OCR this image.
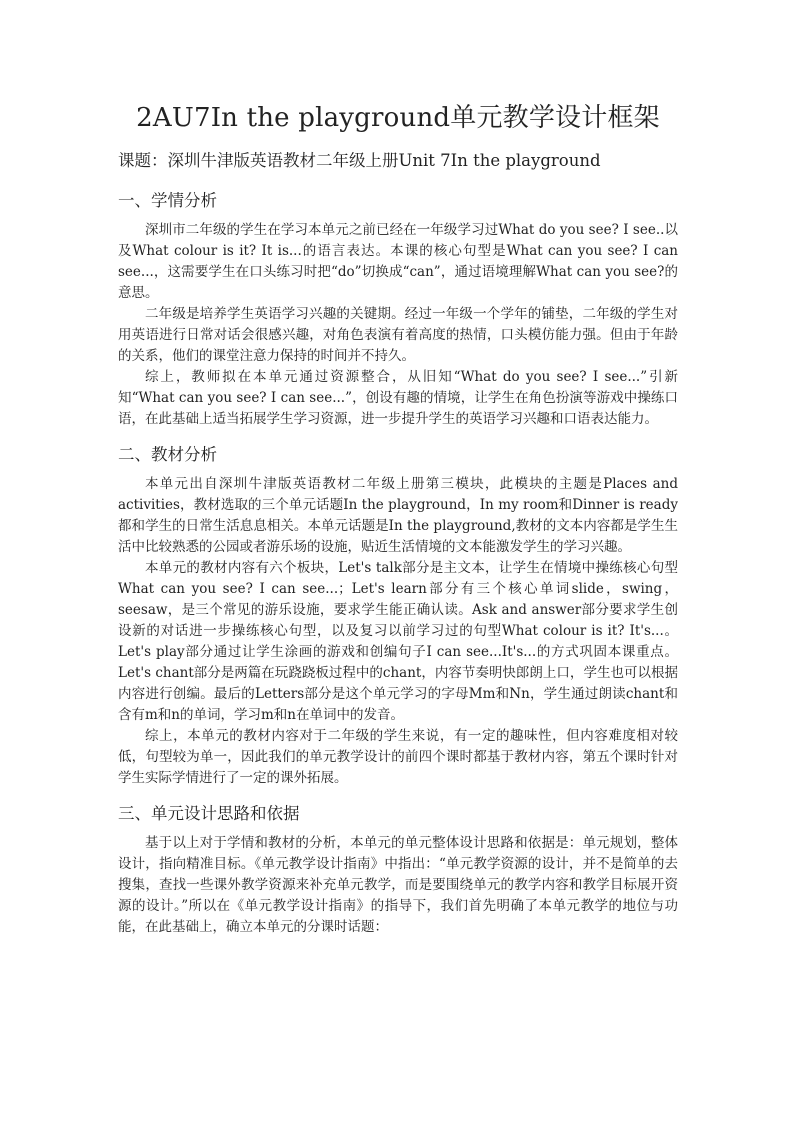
2AU7In the playground单元教学设计框架
课题：深圳牛津版英语教材二年级上册Unit 7In the playground
一、学情分析

深圳市二年级的学生在学习本单元之前已经在一年级学习过What do you see? I see..以及What colour is it? It is...的语言表达。本课的核心句型是What can you see? I can see...，这需要学生在口头练习时把“do”切换成“can”，通过语境理解What can you see?的意思。

二年级是培养学生英语学习兴趣的关键期。经过一年级一个学年的铺垫，二年级的学生对用英语进行日常对话会很感兴趣，对角色表演有着高度的热情，口头模仿能力强。但由于年龄的关系，他们的课堂注意力保持的时间并不持久。

综上，教师拟在本单元通过资源整合，从旧知“What do you see? I see...”引新知“What can you see? I can see...”，创设有趣的情境，让学生在角色扮演等游戏中操练口语，在此基础上适当拓展学生学习资源，进一步提升学生的英语学习兴趣和口语表达能力。

二、教材分析

本单元出自深圳牛津版英语教材二年级上册第三模块，此模块的主题是Places and activities，教材选取的三个单元话题In the playground，In my room和Dinner is ready都和学生的日常生活息息相关。本单元话题是In the playground,教材的文本内容都是学生生活中比较熟悉的公园或者游乐场的设施，贴近生活情境的文本能激发学生的学习兴趣。

本单元的教材内容有六个板块，Let's talk部分是主文本，让学生在情境中操练核心句型What can you see? I can see...；Let's learn部分有三个核心单词slide，swing，seesaw，是三个常见的游乐设施，要求学生能正确认读。Ask and answer部分要求学生创设新的对话进一步操练核心句型，以及复习以前学习过的句型What colour is it? It's...。Let's play部分通过让学生涂画的游戏和创编句子I can see...It's...的方式巩固本课重点。Let's chant部分是两篇在玩跷跷板过程中的chant，内容节奏明快郎朗上口，学生也可以根据内容进行创编。最后的Letters部分是这个单元学习的字母Mm和Nn，学生通过朗读chant和含有m和n的单词，学习m和n在单词中的发音。

综上，本单元的教材内容对于二年级的学生来说，有一定的趣味性，但内容难度相对较低，句型较为单一，因此我们的单元教学设计的前四个课时都基于教材内容，第五个课时针对学生实际学情进行了一定的课外拓展。

三、单元设计思路和依据

基于以上对于学情和教材的分析，本单元的单元整体设计思路和依据是：单元规划，整体设计，指向精准目标。《单元教学设计指南》中指出：“单元教学资源的设计，并不是简单的去搜集，查找一些课外教学资源来补充单元教学，而是要围绕单元的教学内容和教学目标展开资源的设计。”所以在《单元教学设计指南》的指导下，我们首先明确了本单元教学的地位与功能，在此基础上，确立本单元的分课时话题：
